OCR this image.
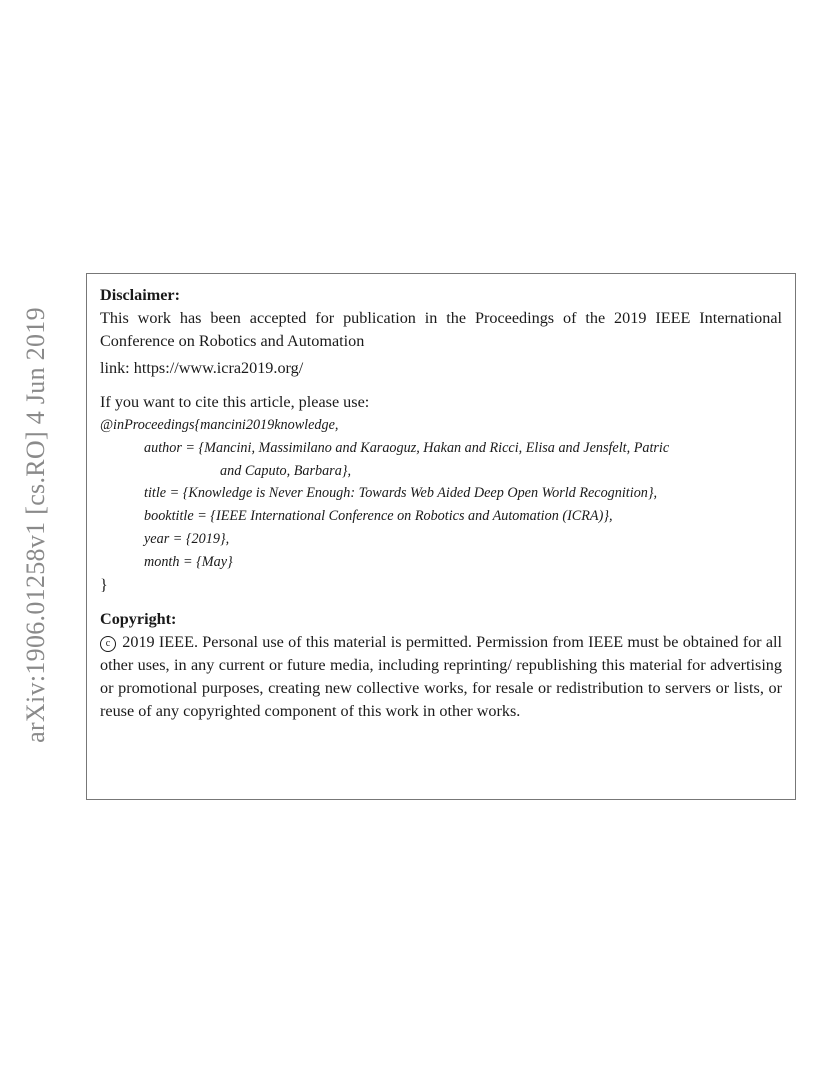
arXiv:1906.01258v1 [cs.RO] 4 Jun 2019
Disclaimer:
This work has been accepted for publication in the Proceedings of the 2019 IEEE International Conference on Robotics and Automation
link: https://www.icra2019.org/
If you want to cite this article, please use:
@inProceedings{mancini2019knowledge,
author = {Mancini, Massimilano and Karaoguz, Hakan and Ricci, Elisa and Jensfelt, Patric
and Caputo, Barbara},
title = {Knowledge is Never Enough: Towards Web Aided Deep Open World Recognition},
booktitle = {IEEE International Conference on Robotics and Automation (ICRA)},
year = {2019},
month = {May}
}
Copyright:
c 2019 IEEE. Personal use of this material is permitted. Permission from IEEE must be obtained for all other uses, in any current or future media, including reprinting/ republishing this material for advertising or promotional purposes, creating new collective works, for resale or redistribution to servers or lists, or reuse of any copyrighted component of this work in other works.
